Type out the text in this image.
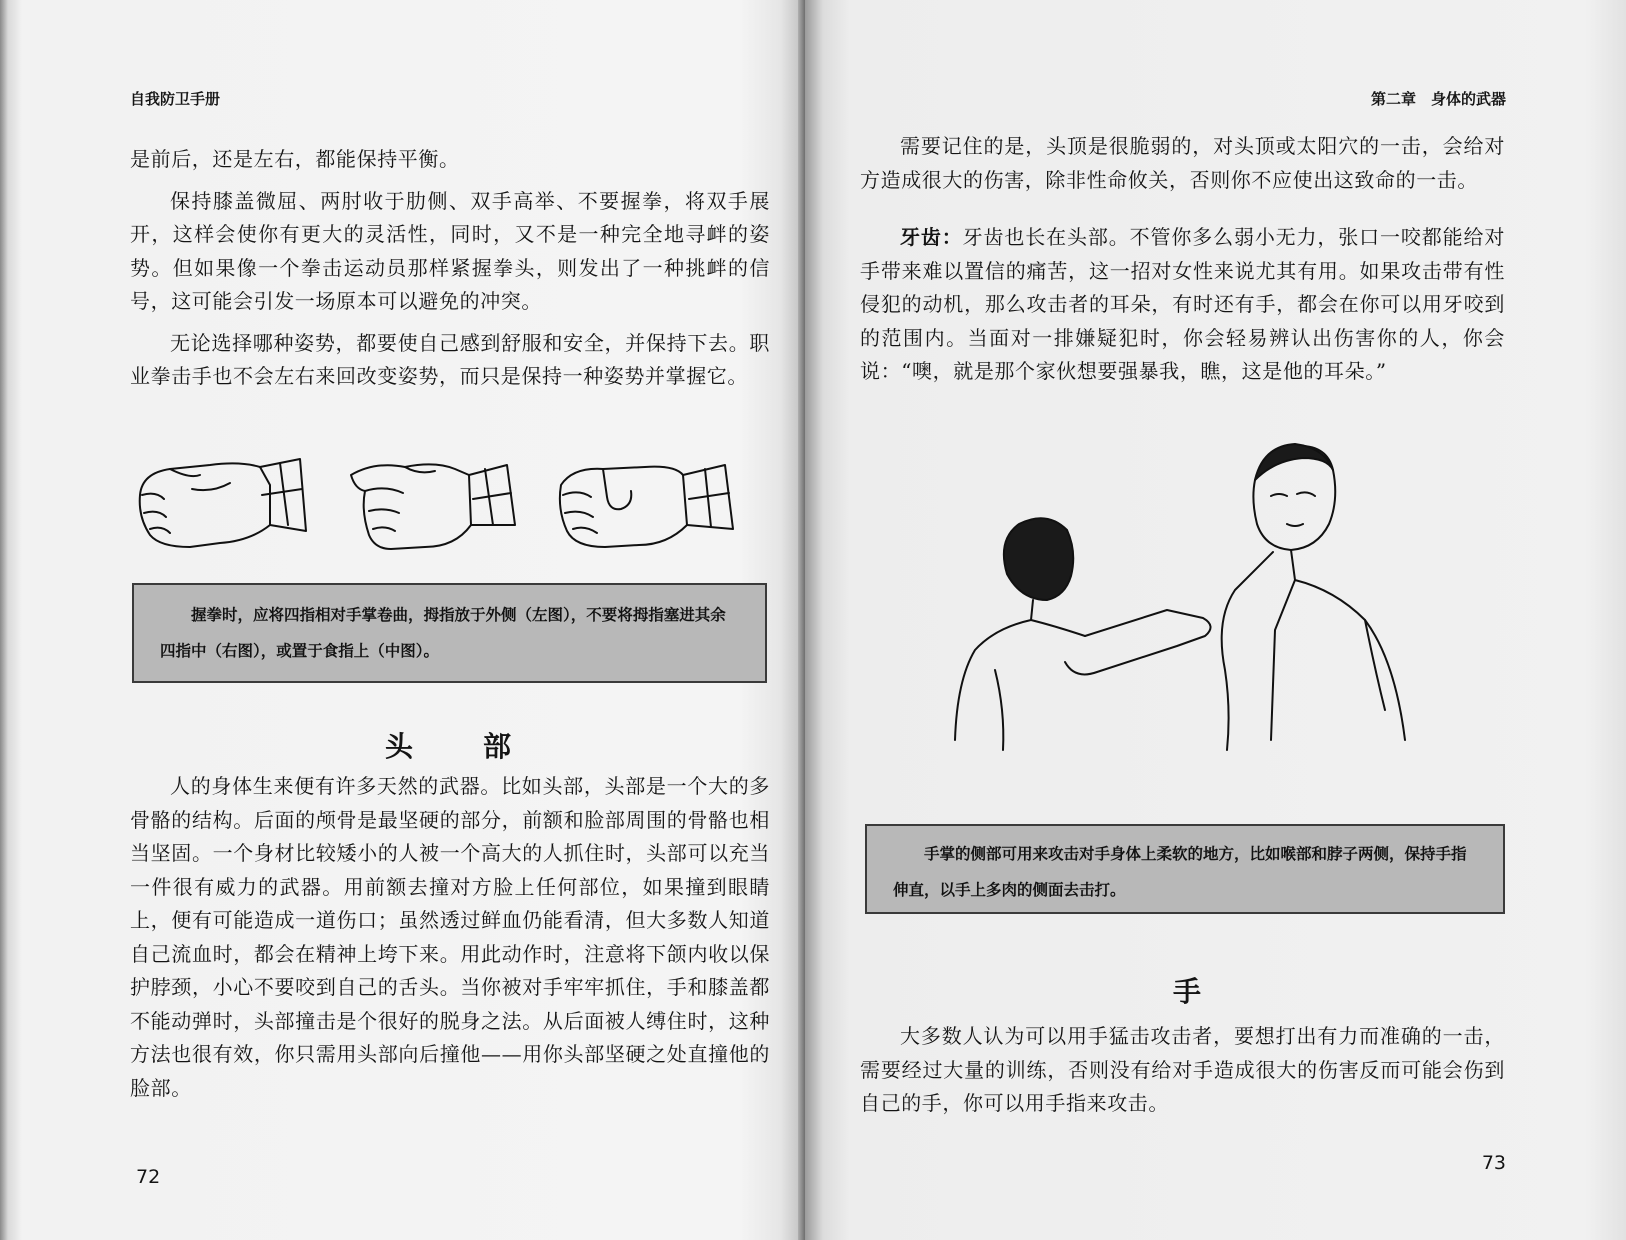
自我防卫手册

是前后，还是左右，都能保持平衡。

保持膝盖微屈、两肘收于肋侧、双手高举、不要握拳，将双手展开，这样会使你有更大的灵活性，同时，又不是一种完全地寻衅的姿势。但如果像一个拳击运动员那样紧握拳头，则发出了一种挑衅的信号，这可能会引发一场原本可以避免的冲突。

无论选择哪种姿势，都要使自己感到舒服和安全，并保持下去。职业拳击手也不会左右来回改变姿势，而只是保持一种姿势并掌握它。

握拳时，应将四指相对手掌卷曲，拇指放于外侧（左图），不要将拇指塞进其余四指中（右图），或置于食指上（中图）。

头部

人的身体生来便有许多天然的武器。比如头部，头部是一个大的多骨骼的结构。后面的颅骨是最坚硬的部分，前额和脸部周围的骨骼也相当坚固。一个身材比较矮小的人被一个高大的人抓住时，头部可以充当一件很有威力的武器。用前额去撞对方脸上任何部位，如果撞到眼睛上，便有可能造成一道伤口；虽然透过鲜血仍能看清，但大多数人知道自己流血时，都会在精神上垮下来。用此动作时，注意将下颌内收以保护脖颈，小心不要咬到自己的舌头。当你被对手牢牢抓住，手和膝盖都不能动弹时，头部撞击是个很好的脱身之法。从后面被人缚住时，这种方法也很有效，你只需用头部向后撞他——用你头部坚硬之处直撞他的脸部。

72
第二章　身体的武器

需要记住的是，头顶是很脆弱的，对头顶或太阳穴的一击，会给对方造成很大的伤害，除非性命攸关，否则你不应使出这致命的一击。

牙齿：牙齿也长在头部。不管你多么弱小无力，张口一咬都能给对手带来难以置信的痛苦，这一招对女性来说尤其有用。如果攻击带有性侵犯的动机，那么攻击者的耳朵，有时还有手，都会在你可以用牙咬到的范围内。当面对一排嫌疑犯时，你会轻易辨认出伤害你的人，你会说：“噢，就是那个家伙想要强暴我，瞧，这是他的耳朵。”

手掌的侧部可用来攻击对手身体上柔软的地方，比如喉部和脖子两侧，保持手指伸直，以手上多肉的侧面去击打。

手

大多数人认为可以用手猛击攻击者，要想打出有力而准确的一击，需要经过大量的训练，否则没有给对手造成很大的伤害反而可能会伤到自己的手，你可以用手指来攻击。

73
